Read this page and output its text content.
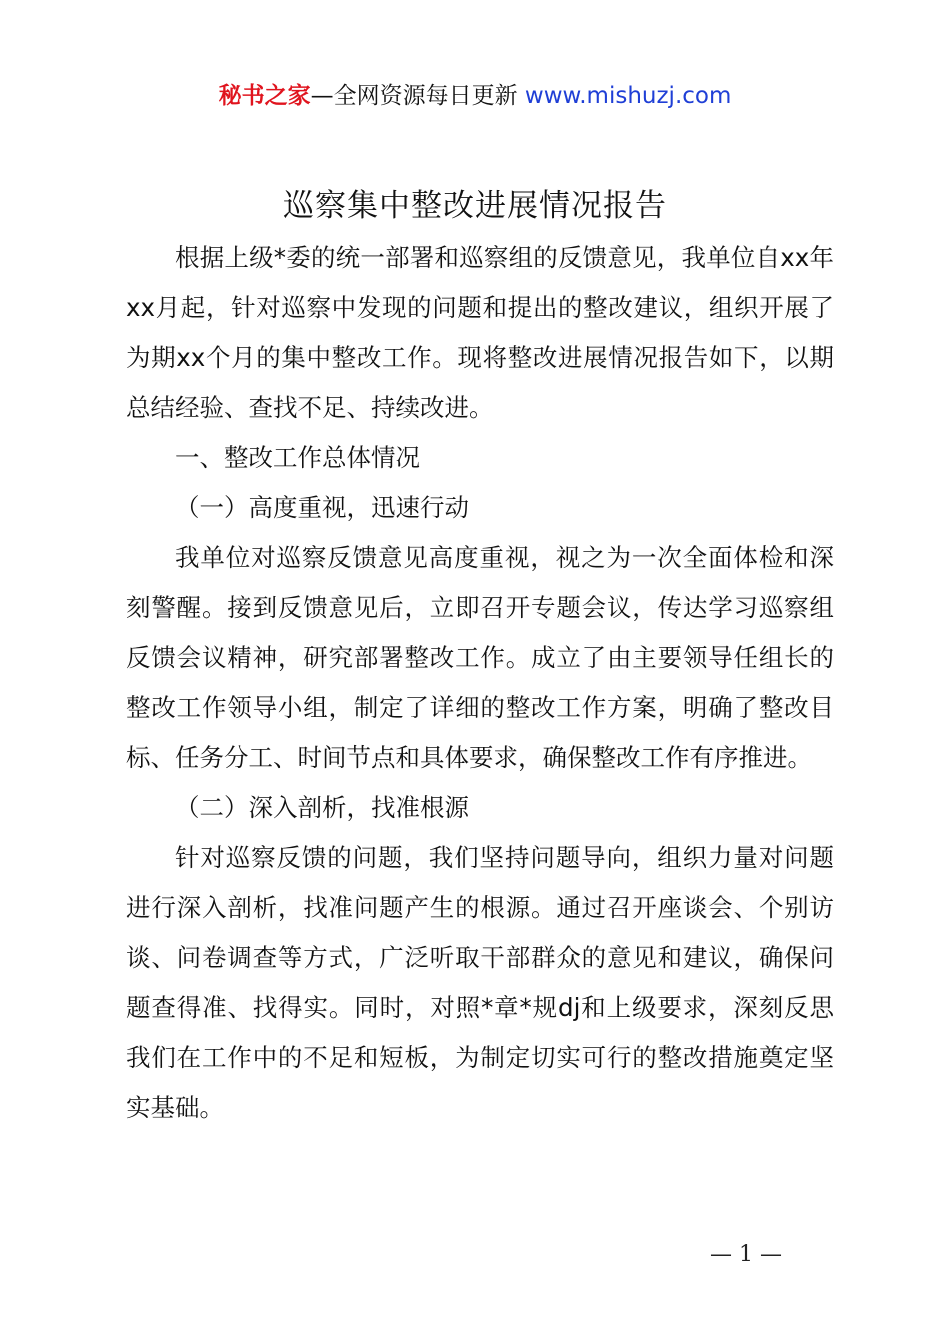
秘书之家—全网资源每日更新 www.mishuzj.com
巡察集中整改进展情况报告

根据上级*委的统一部署和巡察组的反馈意见，我单位自xx年xx月起，针对巡察中发现的问题和提出的整改建议，组织开展了为期xx个月的集中整改工作。现将整改进展情况报告如下，以期总结经验、查找不足、持续改进。

一、整改工作总体情况

（一）高度重视，迅速行动

我单位对巡察反馈意见高度重视，视之为一次全面体检和深刻警醒。接到反馈意见后，立即召开专题会议，传达学习巡察组反馈会议精神，研究部署整改工作。成立了由主要领导任组长的整改工作领导小组，制定了详细的整改工作方案，明确了整改目标、任务分工、时间节点和具体要求，确保整改工作有序推进。

（二）深入剖析，找准根源

针对巡察反馈的问题，我们坚持问题导向，组织力量对问题进行深入剖析，找准问题产生的根源。通过召开座谈会、个别访谈、问卷调查等方式，广泛听取干部群众的意见和建议，确保问题查得准、找得实。同时，对照*章*规dj和上级要求，深刻反思我们在工作中的不足和短板，为制定切实可行的整改措施奠定坚实基础。

— 1 —
